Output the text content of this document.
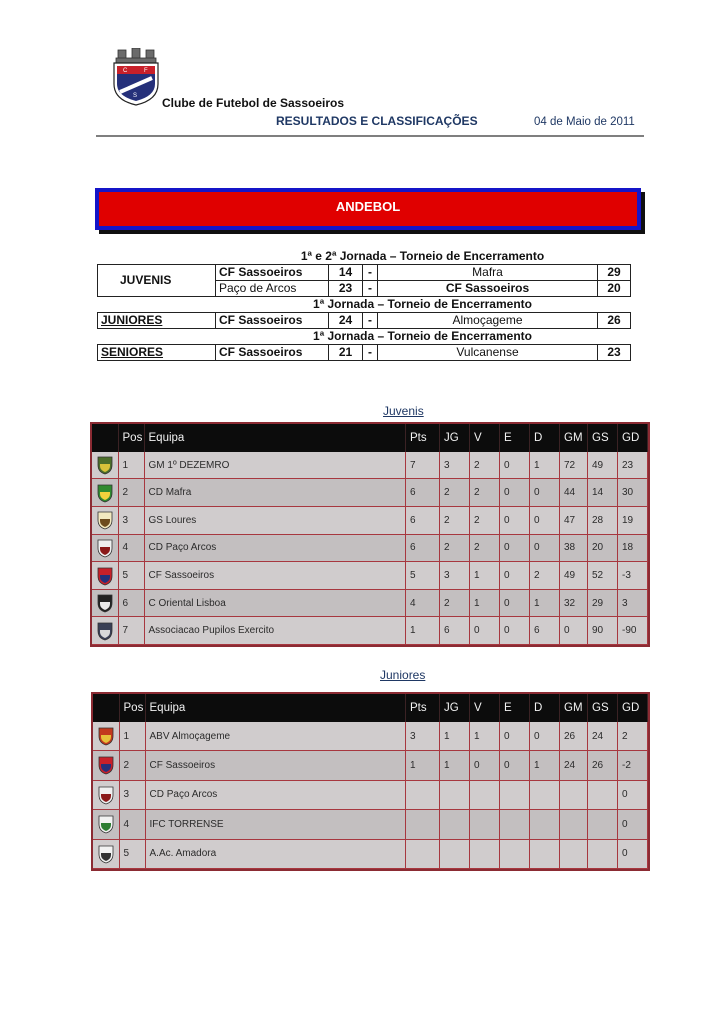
C	F
S Clube de Futebol de Sassoeiros
RESULTADOS E CLASSIFICAÇÕES	04 de Maio de 2011
ANDEBOL
1ª e 2ª Jornada – Torneio de Encerramento					
JUVENIS	CF Sassoeiros	14	-	Mafra	29
	Paço de Arcos	23	-	CF Sassoeiros	20
1ª Jornada – Torneio de Encerramento					
JUNIORES	CF Sassoeiros	24	-	Almoçageme	26
1ª Jornada – Torneio de Encerramento					
SENIORES	CF Sassoeiros	21	-	Vulcanense	23
Juvenis
	Pos	Equipa	Pts	JG	V	E	D	GM	GS	GD
	1	GM 1º DEZEMRO	7	3	2	0	1	72	49	23
	2	CD Mafra	6	2	2	0	0	44	14	30
	3	GS Loures	6	2	2	0	0	47	28	19
	4	CD Paço Arcos	6	2	2	0	0	38	20	18
	5	CF Sassoeiros	5	3	1	0	2	49	52	-3
	6	C Oriental Lisboa	4	2	1	0	1	32	29	3
	7	Associacao Pupilos Exercito	1	6	0	0	6	0	90	-90
Juniores
	Pos	Equipa	Pts	JG	V	E	D	GM	GS	GD
	1	ABV Almoçageme	3	1	1	0	0	26	24	2
	2	CF Sassoeiros	1	1	0	0	1	24	26	-2
	3	CD Paço Arcos								0
	4	IFC TORRENSE								0
	5	A.Ac. Amadora								0
